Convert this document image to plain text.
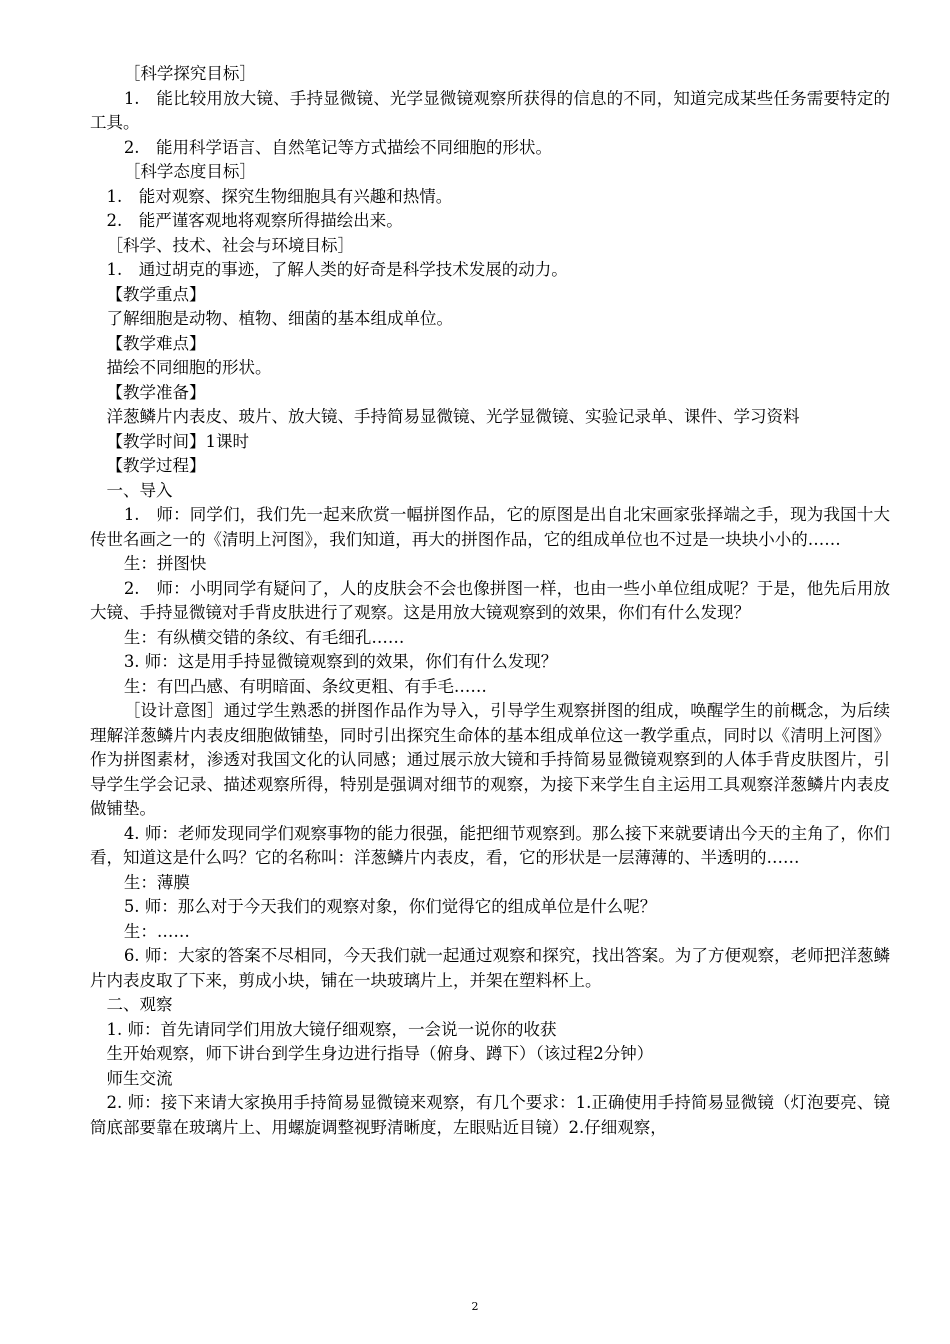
［科学探究目标］

1.　能比较用放大镜、手持显微镜、光学显微镜观察所获得的信息的不同，知道完成某些任务需要特定的工具。

2.　能用科学语言、自然笔记等方式描绘不同细胞的形状。

［科学态度目标］

1.　能对观察、探究生物细胞具有兴趣和热情。

2.　能严谨客观地将观察所得描绘出来。

［科学、技术、社会与环境目标］

1.　通过胡克的事迹，了解人类的好奇是科学技术发展的动力。

【教学重点】

了解细胞是动物、植物、细菌的基本组成单位。

【教学难点】

描绘不同细胞的形状。

【教学准备】

洋葱鳞片内表皮、玻片、放大镜、手持简易显微镜、光学显微镜、实验记录单、课件、学习资料

【教学时间】1课时

【教学过程】

一、导入

1.　师：同学们，我们先一起来欣赏一幅拼图作品，它的原图是出自北宋画家张择端之手，现为我国十大传世名画之一的《清明上河图》，我们知道，再大的拼图作品，它的组成单位也不过是一块块小小的……

生：拼图快

2.　师：小明同学有疑问了，人的皮肤会不会也像拼图一样，也由一些小单位组成呢？于是，他先后用放大镜、手持显微镜对手背皮肤进行了观察。这是用放大镜观察到的效果，你们有什么发现？

生：有纵横交错的条纹、有毛细孔……

3. 师：这是用手持显微镜观察到的效果，你们有什么发现？

生：有凹凸感、有明暗面、条纹更粗、有手毛……

［设计意图］通过学生熟悉的拼图作品作为导入，引导学生观察拼图的组成，唤醒学生的前概念，为后续理解洋葱鳞片内表皮细胞做铺垫，同时引出探究生命体的基本组成单位这一教学重点，同时以《清明上河图》作为拼图素材，渗透对我国文化的认同感；通过展示放大镜和手持简易显微镜观察到的人体手背皮肤图片，引导学生学会记录、描述观察所得，特别是强调对细节的观察，为接下来学生自主运用工具观察洋葱鳞片内表皮做铺垫。

4. 师：老师发现同学们观察事物的能力很强，能把细节观察到。那么接下来就要请出今天的主角了，你们看，知道这是什么吗？它的名称叫：洋葱鳞片内表皮，看，它的形状是一层薄薄的、半透明的……

生：薄膜

5. 师：那么对于今天我们的观察对象，你们觉得它的组成单位是什么呢？

生：……

6. 师：大家的答案不尽相同，今天我们就一起通过观察和探究，找出答案。为了方便观察，老师把洋葱鳞片内表皮取了下来，剪成小块，铺在一块玻璃片上，并架在塑料杯上。

二、观察

1. 师：首先请同学们用放大镜仔细观察，一会说一说你的收获

生开始观察，师下讲台到学生身边进行指导（俯身、蹲下）（该过程2分钟）

师生交流

2. 师：接下来请大家换用手持简易显微镜来观察，有几个要求：1.正确使用手持简易显微镜（灯泡要亮、镜筒底部要靠在玻璃片上、用螺旋调整视野清晰度，左眼贴近目镜）2.仔细观察，

2
